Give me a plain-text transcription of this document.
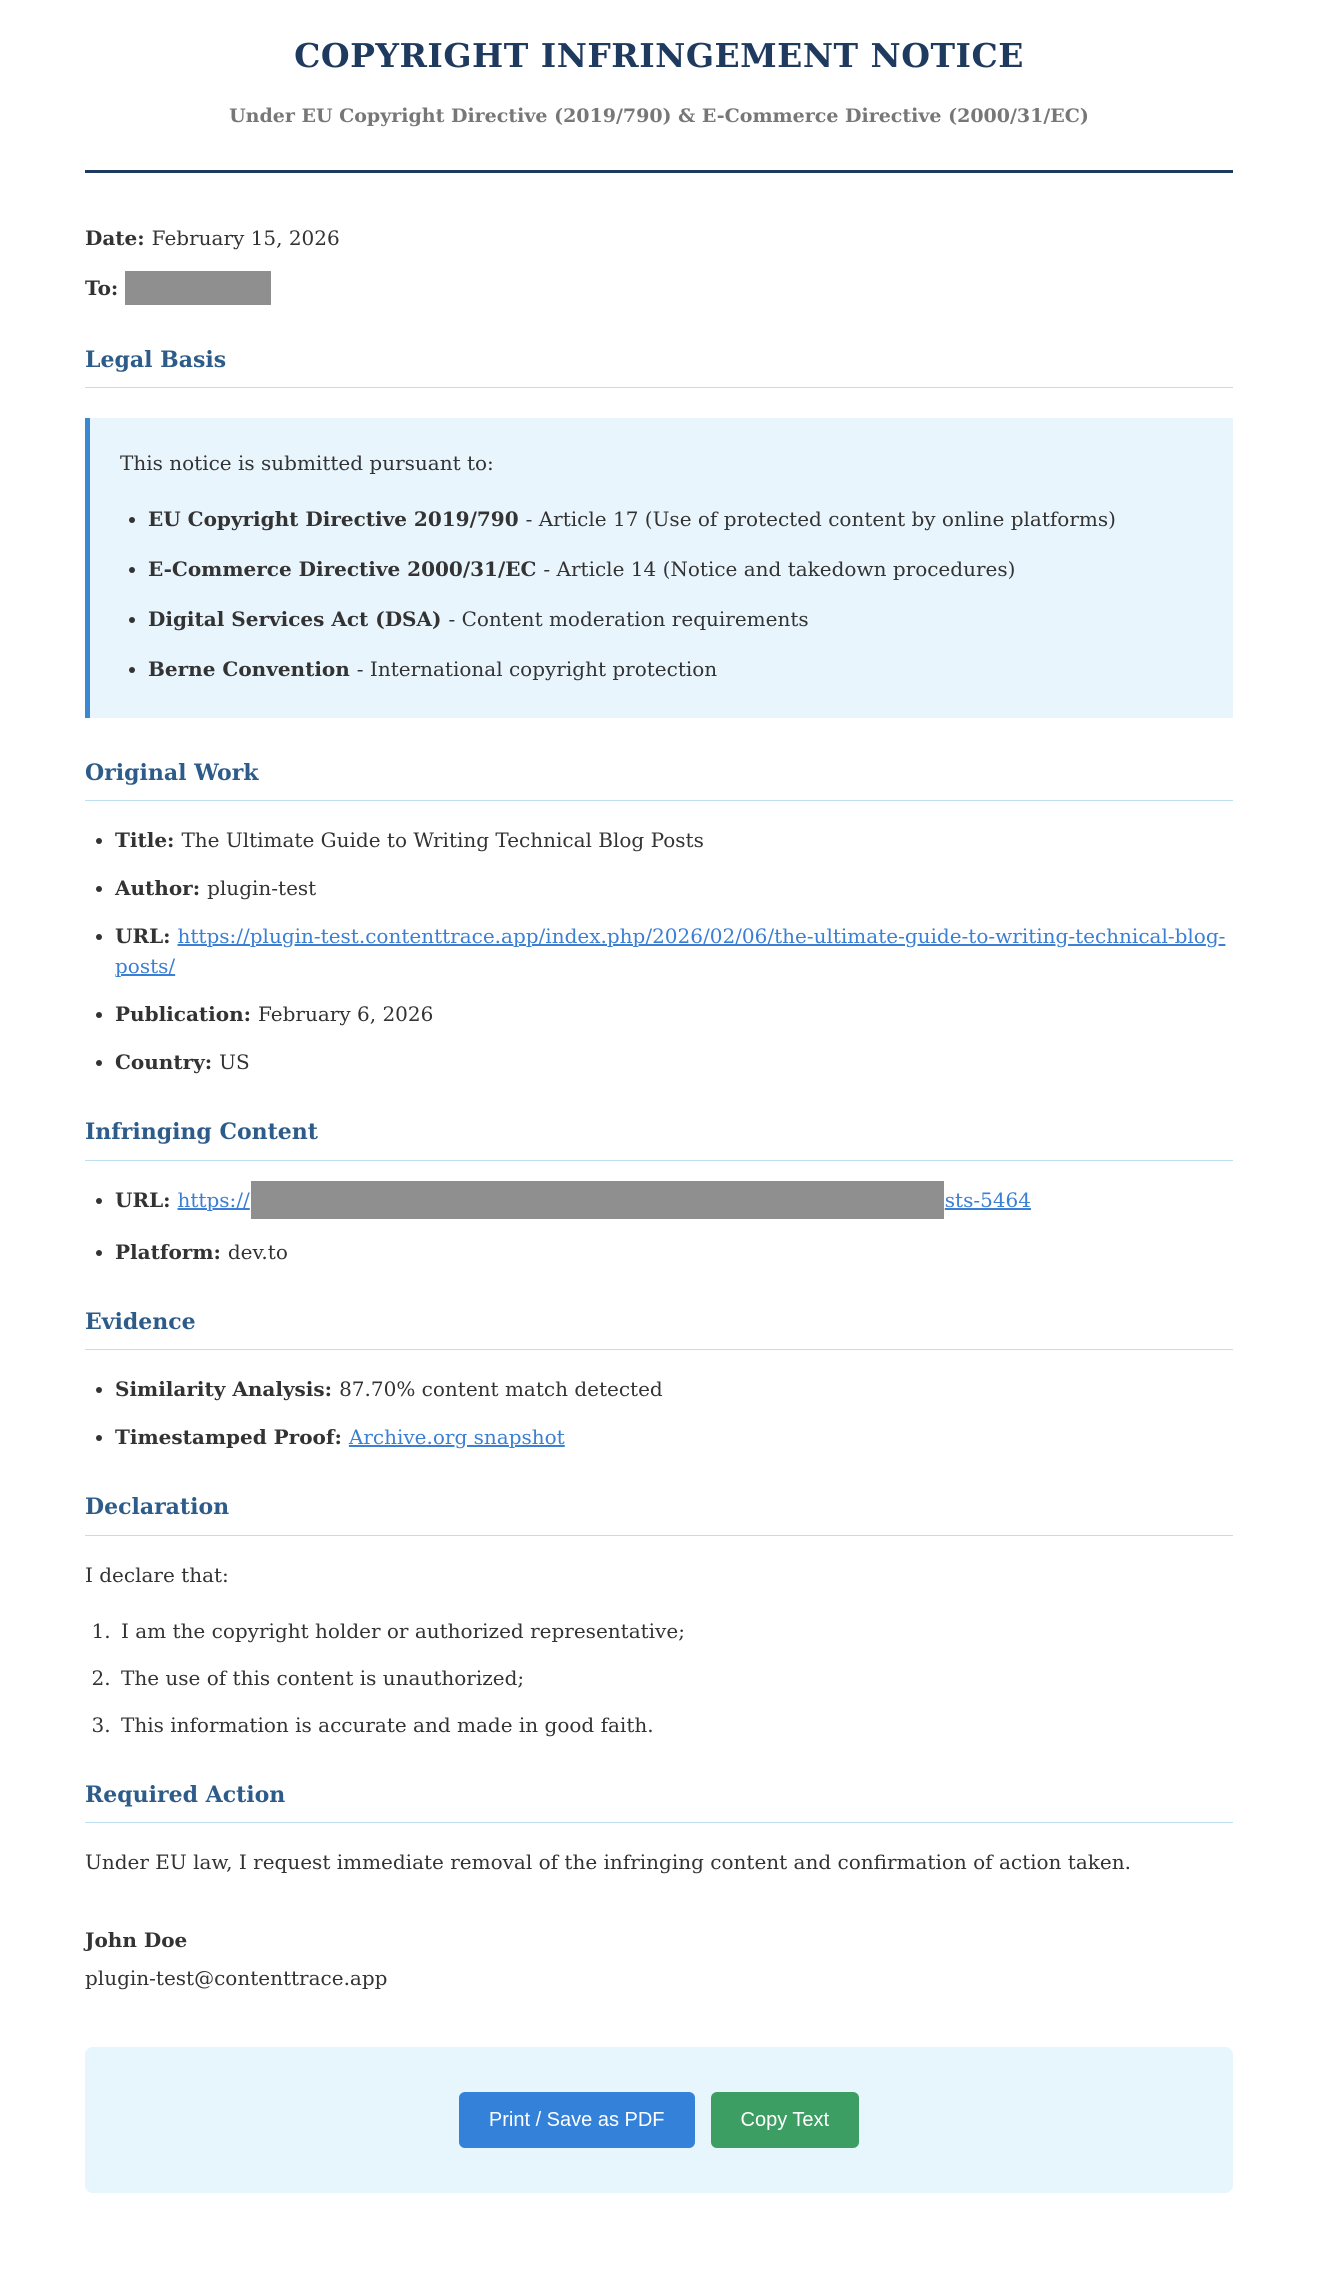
COPYRIGHT INFRINGEMENT NOTICE

Under EU Copyright Directive (2019/790) & E-Commerce Directive (2000/31/EC)

Date: February 15, 2026

To:

Legal Basis

This notice is submitted pursuant to:

• EU Copyright Directive 2019/790 - Article 17 (Use of protected content by online platforms)
• E-Commerce Directive 2000/31/EC - Article 14 (Notice and takedown procedures)
• Digital Services Act (DSA) - Content moderation requirements
• Berne Convention - International copyright protection
Original Work
• Title: The Ultimate Guide to Writing Technical Blog Posts
• Author: plugin-test
• URL: https://plugin-test.contenttrace.app/index.php/2026/02/06/the-ultimate-guide-to-writing-technical-blog-posts/
• Publication: February 6, 2026
• Country: US
Infringing Content
• URL: https://	sts-5464
• Platform: dev.to
Evidence
• Similarity Analysis: 87.70% content match detected
• Timestamped Proof: Archive.org snapshot
Declaration

I declare that:

1. I am the copyright holder or authorized representative;
2. The use of this content is unauthorized;
3. This information is accurate and made in good faith.
Required Action

Under EU law, I request immediate removal of the infringing content and confirmation of action taken.

John Doe

plugin-test@contenttrace.app

Print / Save as PDF	Copy Text
